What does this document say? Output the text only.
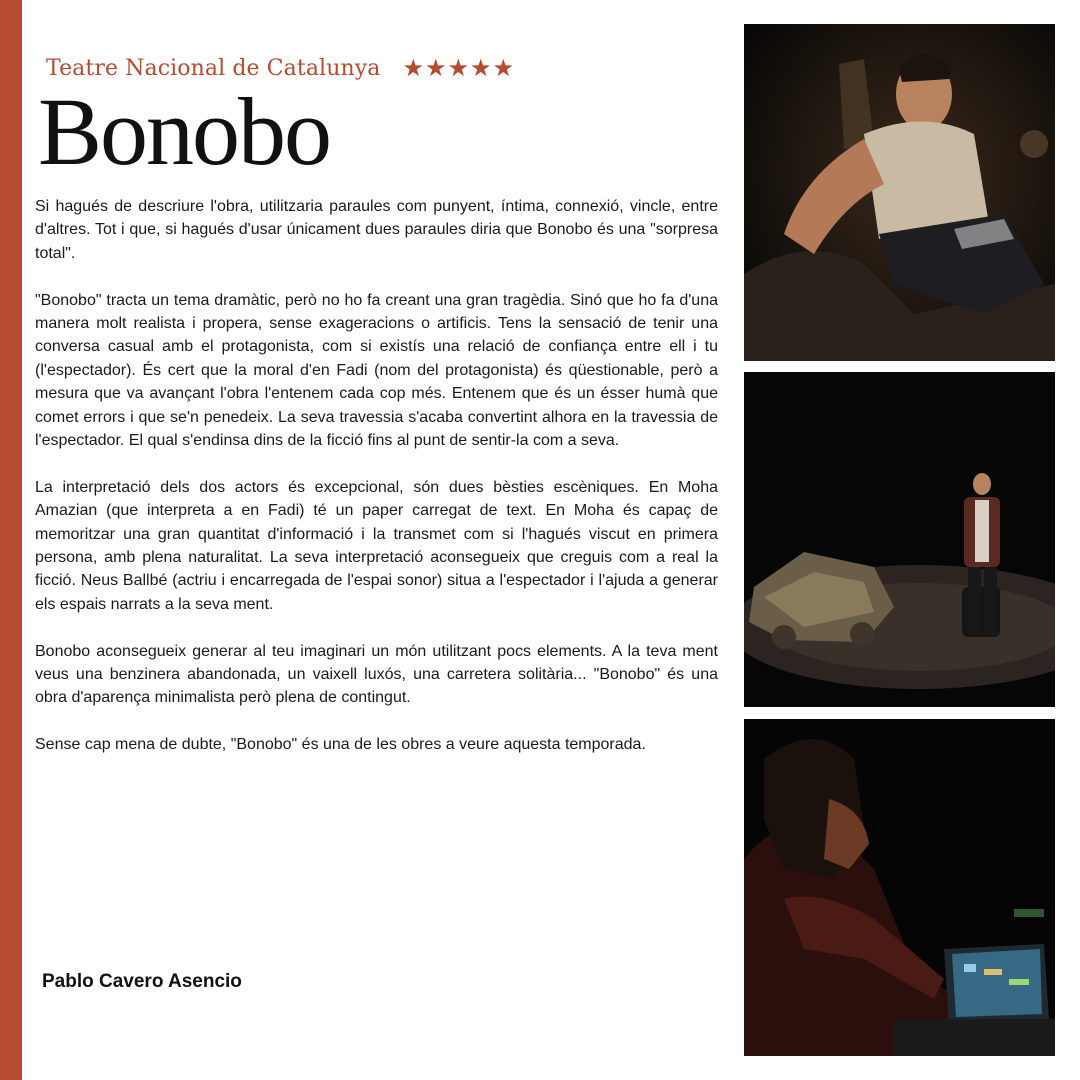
Teatre Nacional de Catalunya ★★★★★
Bonobo

Si hagués de descriure l'obra, utilitzaria paraules com punyent, íntima, connexió, vincle, entre d'altres. Tot i que, si hagués d'usar únicament dues paraules diria que Bonobo és una "sorpresa total".

"Bonobo" tracta un tema dramàtic, però no ho fa creant una gran tragèdia. Sinó que ho fa d'una manera molt realista i propera, sense exageracions o artificis. Tens la sensació de tenir una conversa casual amb el protagonista, com si existís una relació de confiança entre ell i tu (l'espectador). És cert que la moral d'en Fadi (nom del protagonista) és qüestionable, però a mesura que va avançant l'obra l'entenem cada cop més. Entenem que és un ésser humà que comet errors i que se'n penedeix. La seva travessia s'acaba convertint alhora en la travessia de l'espectador. El qual s'endinsa dins de la ficció fins al punt de sentir-la com a seva.

La interpretació dels dos actors és excepcional, són dues bèsties escèniques. En Moha Amazian (que interpreta a en Fadi) té un paper carregat de text. En Moha és capaç de memoritzar una gran quantitat d'informació i la transmet com si l'hagués viscut en primera persona, amb plena naturalitat. La seva interpretació aconsegueix que creguis com a real la ficció. Neus Ballbé (actriu i encarregada de l'espai sonor) situa a l'espectador i l'ajuda a generar els espais narrats a la seva ment.

Bonobo aconsegueix generar al teu imaginari un món utilitzant pocs elements. A la teva ment veus una benzinera abandonada, un vaixell luxós, una carretera solitària... "Bonobo" és una obra d'aparença minimalista però plena de contingut.

Sense cap mena de dubte, "Bonobo" és una de les obres a veure aquesta temporada.

Pablo Cavero Asencio
